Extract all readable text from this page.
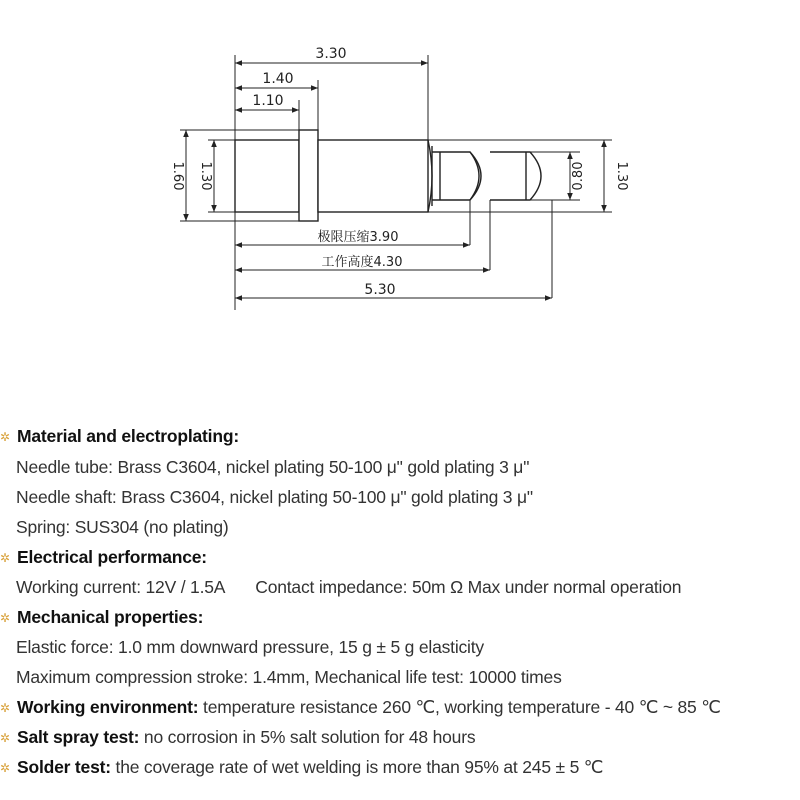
3.30
1.40
1.10
1.60 1.30	0.80 1.30
极限压缩3.90
工作高度4.30
5.30
✲ Material and electroplating:
Needle tube: Brass C3604, nickel plating 50-100 μ" gold plating 3 μ"
Needle shaft: Brass C3604, nickel plating 50-100 μ" gold plating 3 μ"
Spring: SUS304 (no plating)
✲ Electrical performance:
Working current: 12V / 1.5A Contact impedance: 50m Ω Max under normal operation
✲ Mechanical properties:
Elastic force: 1.0 mm downward pressure, 15 g ± 5 g elasticity
Maximum compression stroke: 1.4mm, Mechanical life test: 10000 times
✲ Working environment: temperature resistance 260 ℃, working temperature - 40 ℃ ~ 85 ℃
✲ Salt spray test: no corrosion in 5% salt solution for 48 hours
✲ Solder test: the coverage rate of wet welding is more than 95% at 245 ± 5 ℃
